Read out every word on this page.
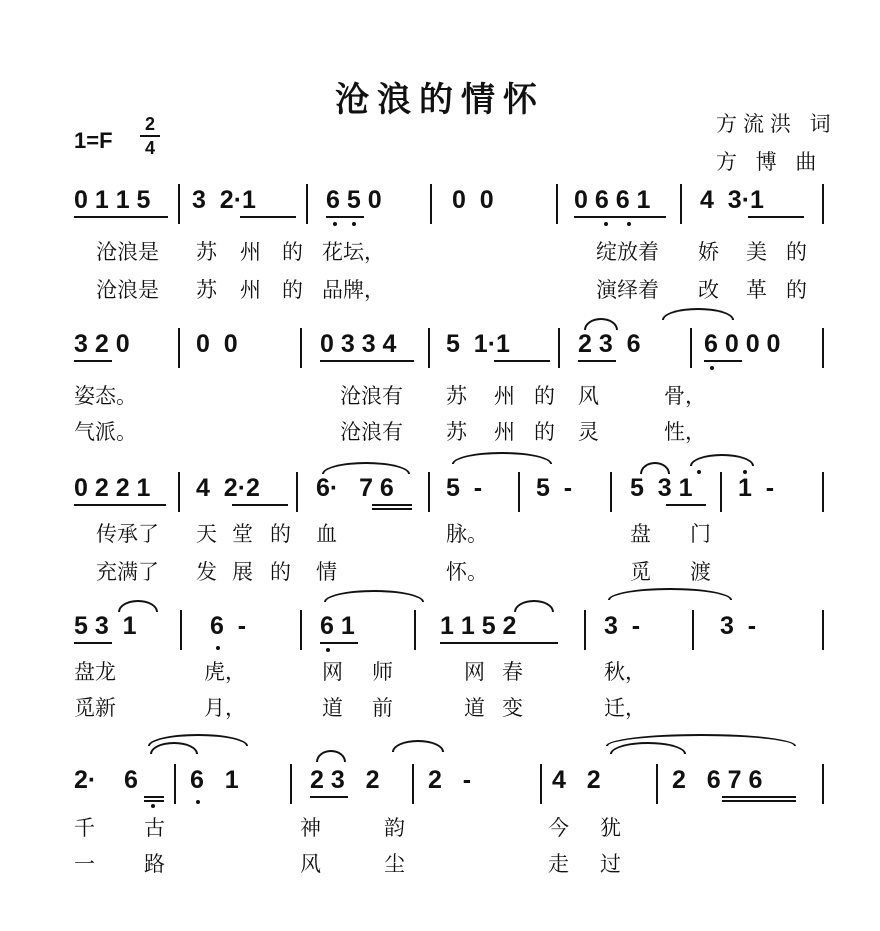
沧浪的情怀
方流洪 词
方 博 曲
1=F
2
4
0 1 1 5 3  2·1	6 5 0	0  0	0 6 6 1 4  3·1
沧浪是 苏 州 的 花坛，	绽放着 娇 美 的
沧浪是 苏 州 的 品牌，	演绎着 改 革 的
3 2 0	0  0	0 3 3 4 5  1·1	2 3  6	6 0 0 0
姿态。	沧浪有 苏 州 的 风	骨，
气派。	沧浪有 苏 州 的 灵	性，
0 2 2 1 4  2·2 6·   7 6 5  - 5  - 5  3 1 1  -
传承了 天 堂 的 血	脉。	盘 门
充满了 发 展 的 情	怀。	觅 渡
5 3  1	6  -	6 1	1 1 5 2	3  -	3  -
盘龙	虎，	网 师	网 春	秋，
觅新	月，	道 前	道 变	迁，
2·    6 6   1	2 3   2 2   -	4   2	2   6 7 6
千 古	神	韵	今 犹
一 路	风	尘	走 过
